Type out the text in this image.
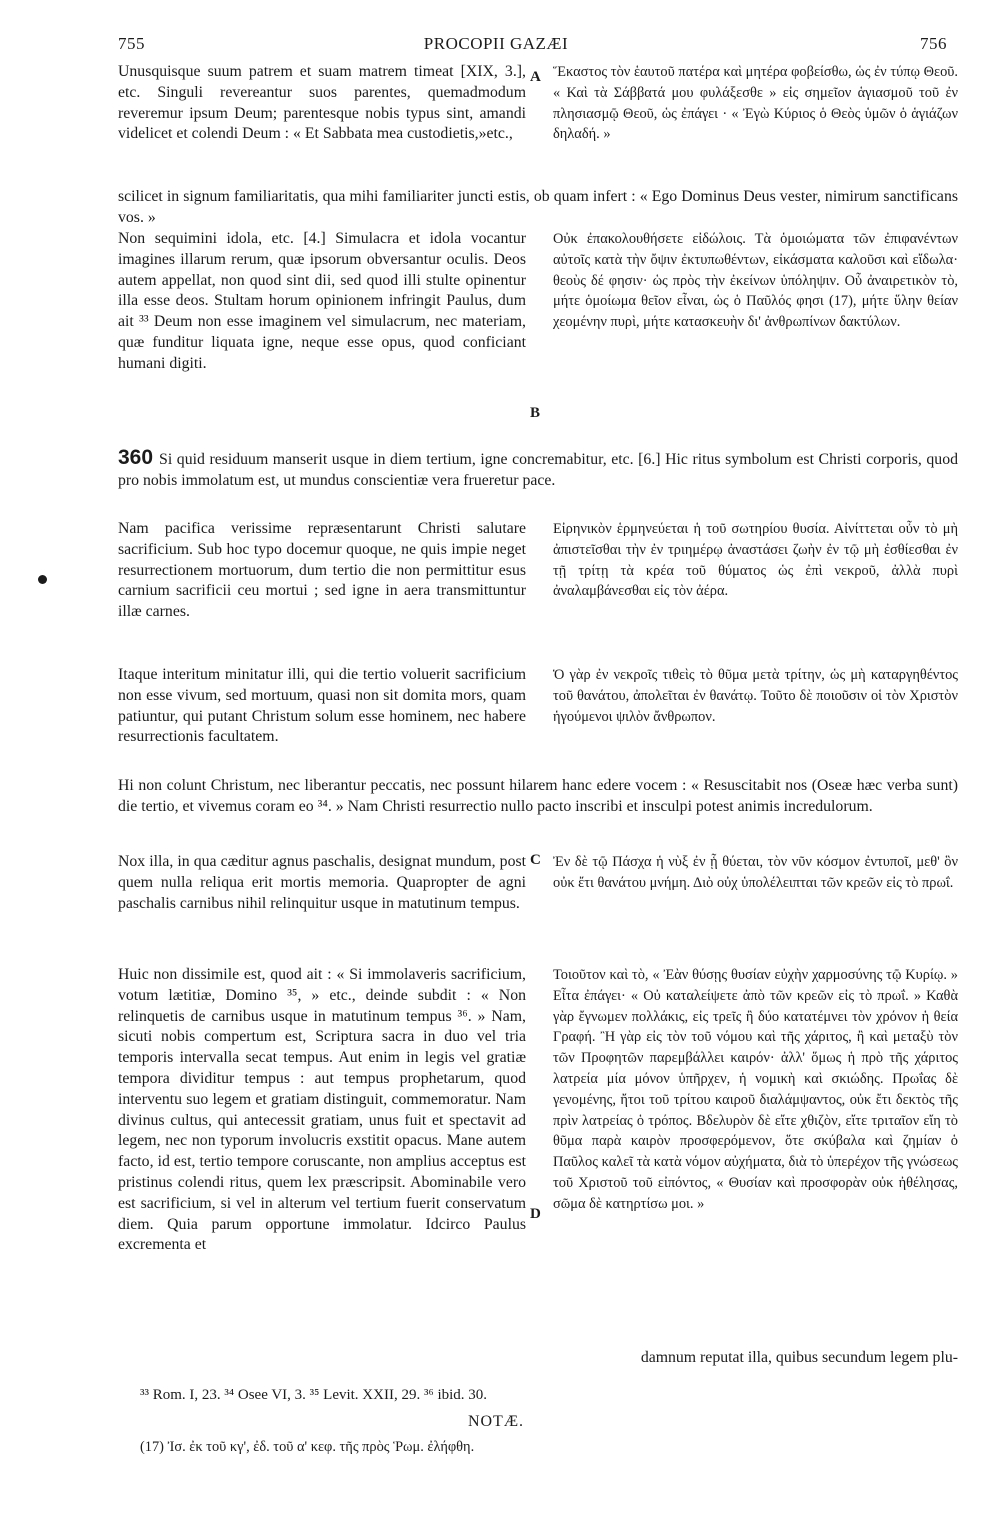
755	PROCOPII GAZÆI	756
A
B
C
D

Unusquisque suum patrem et suam matrem timeat [XIX, 3.], etc. Singuli revereantur suos parentes, quemadmodum reveremur ipsum Deum; parentesque nobis typus sint, amandi videlicet et colendi Deum : « Et Sabbata mea custodietis,»etc.,

Ἕκαστος τὸν ἑαυτοῦ πατέρα καὶ μητέρα φοβείσθω, ὡς ἐν τύπῳ Θεοῦ. « Καὶ τὰ Σάββατά μου φυλάξεσθε » εἰς σημεῖον ἁγιασμοῦ τοῦ ἐν πλησιασμῷ Θεοῦ, ὡς ἐπάγει · « Ἐγὼ Κύριος ὁ Θεὸς ὑμῶν ὁ ἁγιάζων δηλαδή. »

scilicet in signum familiaritatis, qua mihi familiariter juncti estis, ob quam infert : « Ego Dominus Deus vester, nimirum sanctificans vos. »

Non sequimini idola, etc. [4.] Simulacra et idola vocantur imagines illarum rerum, quæ ipsorum obversantur oculis. Deos autem appellat, non quod sint dii, sed quod illi stulte opinentur illa esse deos. Stultam horum opinionem infringit Paulus, dum ait ³³ Deum non esse imaginem vel simulacrum, nec materiam, quæ funditur liquata igne, neque esse opus, quod conficiant humani digiti.

Οὐκ ἐπακολουθήσετε εἰδώλοις. Τὰ ὁμοιώματα τῶν ἐπιφανέντων αὐτοῖς κατὰ τὴν ὄψιν ἐκτυπωθέντων, εἰκάσματα καλοῦσι καὶ εἴδωλα· θεοὺς δέ φησιν· ὡς πρὸς τὴν ἐκείνων ὑπόληψιν. Οὗ ἀναιρετικὸν τὸ, μήτε ὁμοίωμα θεῖον εἶναι, ὡς ὁ Παῦλός φησι (17), μήτε ὕλην θείαν χεομένην πυρὶ, μήτε κατασκευὴν δι' ἀνθρωπίνων δακτύλων.

360 Si quid residuum manserit usque in diem tertium, igne concremabitur, etc. [6.] Hic ritus symbolum est Christi corporis, quod pro nobis immolatum est, ut mundus conscientiæ vera frueretur pace.

Nam pacifica verissime repræsentarunt Christi salutare sacrificium. Sub hoc typo docemur quoque, ne quis impie neget resurrectionem mortuorum, dum tertio die non permittitur esus carnium sacrificii ceu mortui ; sed igne in aera transmittuntur illæ carnes.

Εἰρηνικὸν ἑρμηνεύεται ἡ τοῦ σωτηρίου θυσία. Αἰνίττεται οὖν τὸ μὴ ἀπιστεῖσθαι τὴν ἐν τριημέρῳ ἀναστάσει ζωὴν ἐν τῷ μὴ ἐσθίεσθαι ἐν τῇ τρίτῃ τὰ κρέα τοῦ θύματος ὡς ἐπὶ νεκροῦ, ἀλλὰ πυρὶ ἀναλαμβάνεσθαι εἰς τὸν ἀέρα.

Itaque interitum minitatur illi, qui die tertio voluerit sacrificium non esse vivum, sed mortuum, quasi non sit domita mors, quam patiuntur, qui putant Christum solum esse hominem, nec habere resurrectionis facultatem.

Ὁ γὰρ ἐν νεκροῖς τιθεὶς τὸ θῦμα μετὰ τρίτην, ὡς μὴ καταργηθέντος τοῦ θανάτου, ἀπολεῖται ἐν θανάτῳ. Τοῦτο δὲ ποιοῦσιν οἱ τὸν Χριστὸν ἡγούμενοι ψιλὸν ἄνθρωπον.

Hi non colunt Christum, nec liberantur peccatis, nec possunt hilarem hanc edere vocem : « Resuscitabit nos (Oseæ hæc verba sunt) die tertio, et vivemus coram eo ³⁴. » Nam Christi resurrectio nullo pacto inscribi et insculpi potest animis incredulorum.

Nox illa, in qua cæditur agnus paschalis, designat mundum, post quem nulla reliqua erit mortis memoria. Quapropter de agni paschalis carnibus nihil relinquitur usque in matutinum tempus.

Ἐν δὲ τῷ Πάσχα ἡ νὺξ ἐν ᾗ θύεται, τὸν νῦν κόσμον ἐντυποῖ, μεθ' ὃν οὐκ ἔτι θανάτου μνήμη. Διὸ οὐχ ὑπολέλειπται τῶν κρεῶν εἰς τὸ πρωΐ.

Huic non dissimile est, quod ait : « Si immolaveris sacrificium, votum lætitiæ, Domino ³⁵, » etc., deinde subdit : « Non relinquetis de carnibus usque in matutinum tempus ³⁶. » Nam, sicuti nobis compertum est, Scriptura sacra in duo vel tria temporis intervalla secat tempus. Aut enim in legis vel gratiæ tempora dividitur tempus : aut tempus prophetarum, quod interventu suo legem et gratiam distinguit, commemoratur. Nam divinus cultus, qui antecessit gratiam, unus fuit et spectavit ad legem, nec non typorum involucris exstitit opacus. Mane autem facto, id est, tertio tempore coruscante, non amplius acceptus est pristinus colendi ritus, quem lex præscripsit. Abominabile vero est sacrificium, si vel in alterum vel tertium fuerit conservatum diem. Quia parum opportune immolatur. Idcirco Paulus excrementa et

Τοιοῦτον καὶ τὸ, « Ἐὰν θύσῃς θυσίαν εὐχὴν χαρμοσύνης τῷ Κυρίῳ. » Εἶτα ἐπάγει· « Οὐ καταλείψετε ἀπὸ τῶν κρεῶν εἰς τὸ πρωΐ. » Καθὰ γὰρ ἔγνωμεν πολλάκις, εἰς τρεῖς ἢ δύο κατατέμνει τὸν χρόνον ἡ θεία Γραφή. Ἢ γὰρ εἰς τὸν τοῦ νόμου καὶ τῆς χάριτος, ἢ καὶ μεταξὺ τὸν τῶν Προφητῶν παρεμβάλλει καιρόν· ἀλλ' ὅμως ἡ πρὸ τῆς χάριτος λατρεία μία μόνον ὑπῆρχεν, ἡ νομικὴ καὶ σκιώδης. Πρωΐας δὲ γενομένης, ἤτοι τοῦ τρίτου καιροῦ διαλάμψαντος, οὐκ ἔτι δεκτὸς τῆς πρὶν λατρείας ὁ τρόπος. Βδελυρὸν δὲ εἴτε χθιζὸν, εἴτε τριταῖον εἴη τὸ θῦμα παρὰ καιρὸν προσφερόμενον, ὅτε σκύβαλα καὶ ζημίαν ὁ Παῦλος καλεῖ τὰ κατὰ νόμον αὐχήματα, διὰ τὸ ὑπερέχον τῆς γνώσεως τοῦ Χριστοῦ τοῦ εἰπόντος, « Θυσίαν καὶ προσφορὰν οὐκ ἠθέλησας, σῶμα δὲ κατηρτίσω μοι. »

damnum reputat illa, quibus secundum legem plu-

³³ Rom. I, 23. ³⁴ Osee VI, 3. ³⁵ Levit. XXII, 29. ³⁶ ibid. 30.
NOTÆ.
(17) Ἰσ. ἐκ τοῦ κγ', ἐδ. τοῦ α' κεφ. τῆς πρὸς Ῥωμ. ἐλήφθη.
